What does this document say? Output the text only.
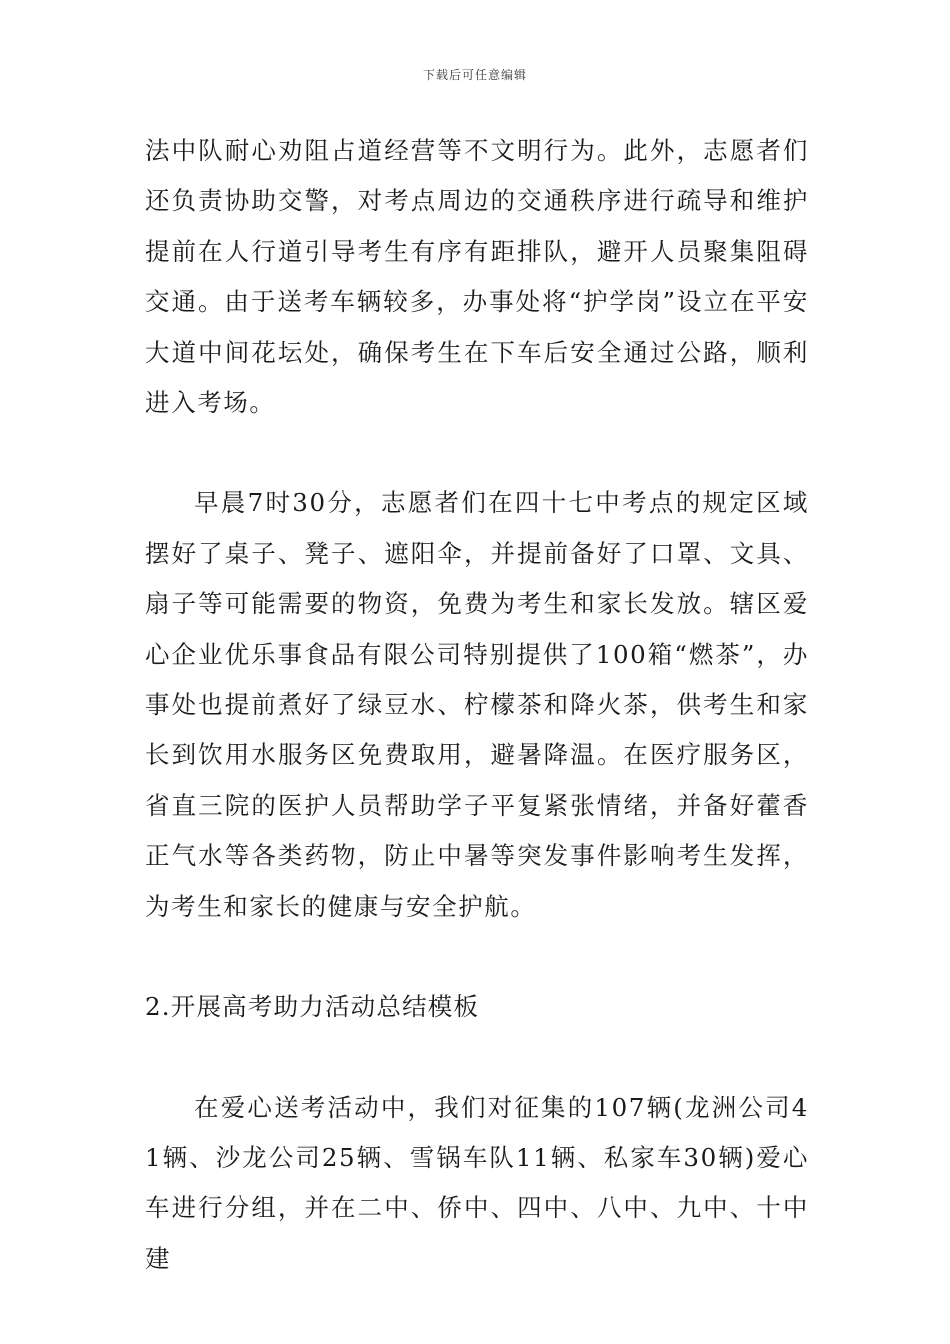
下载后可任意编辑

法中队耐心劝阻占道经营等不文明行为。此外，志愿者们还负责协助交警，对考点周边的交通秩序进行疏导和维护提前在人行道引导考生有序有距排队，避开人员聚集阻碍交通。由于送考车辆较多，办事处将“护学岗”设立在平安大道中间花坛处，确保考生在下车后安全通过公路，顺利进入考场。

早晨7时30分，志愿者们在四十七中考点的规定区域摆好了桌子、凳子、遮阳伞，并提前备好了口罩、文具、扇子等可能需要的物资，免费为考生和家长发放。辖区爱心企业优乐事食品有限公司特别提供了100箱“燃茶”，办事处也提前煮好了绿豆水、柠檬茶和降火茶，供考生和家长到饮用水服务区免费取用，避暑降温。在医疗服务区，省直三院的医护人员帮助学子平复紧张情绪，并备好藿香正气水等各类药物，防止中暑等突发事件影响考生发挥，为考生和家长的健康与安全护航。

2.开展高考助力活动总结模板

在爱心送考活动中，我们对征集的107辆(龙洲公司41辆、沙龙公司25辆、雪锅车队11辆、私家车30辆)爱心车进行分组，并在二中、侨中、四中、八中、九中、十中建
